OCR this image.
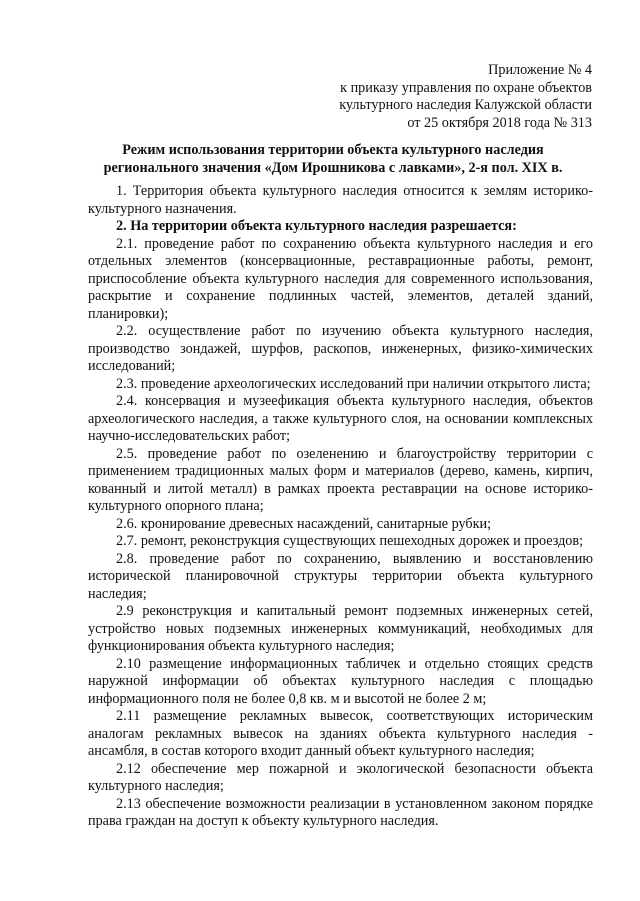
Приложение № 4
к приказу управления по охране объектов
культурного наследия Калужской области
от 25 октября 2018 года № 313
Режим использования территории объекта культурного наследия
регионального значения «Дом Ирошникова с лавками», 2-я пол. XIX в.

1. Территория объекта культурного наследия относится к землям историко-культурного назначения.

2. На территории объекта культурного наследия разрешается:

2.1. проведение работ по сохранению объекта культурного наследия и его отдельных элементов (консервационные, реставрационные работы, ремонт, приспособление объекта культурного наследия для современного использования, раскрытие и сохранение подлинных частей, элементов, деталей зданий, планировки);

2.2. осуществление работ по изучению объекта культурного наследия, производство зондажей, шурфов, раскопов, инженерных, физико-химических исследований;

2.3. проведение археологических исследований при наличии открытого листа;

2.4. консервация и музеефикация объекта культурного наследия, объектов археологического наследия, а также культурного слоя, на основании комплексных научно-исследовательских работ;

2.5. проведение работ по озеленению и благоустройству территории с применением традиционных малых форм и материалов (дерево, камень, кирпич, кованный и литой металл) в рамках проекта реставрации на основе историко-культурного опорного плана;

2.6. кронирование древесных насаждений, санитарные рубки;

2.7. ремонт, реконструкция существующих пешеходных дорожек и проездов;

2.8. проведение работ по сохранению, выявлению и восстановлению исторической планировочной структуры территории объекта культурного наследия;

2.9 реконструкция и капитальный ремонт подземных инженерных сетей, устройство новых подземных инженерных коммуникаций, необходимых для функционирования объекта культурного наследия;

2.10 размещение информационных табличек и отдельно стоящих средств наружной информации об объектах культурного наследия с площадью информационного поля не более 0,8 кв. м и высотой не более 2 м;

2.11 размещение рекламных вывесок, соответствующих историческим аналогам рекламных вывесок на зданиях объекта культурного наследия - ансамбля, в состав которого входит данный объект культурного наследия;

2.12 обеспечение мер пожарной и экологической безопасности объекта культурного наследия;

2.13 обеспечение возможности реализации в установленном законом порядке права граждан на доступ к объекту культурного наследия.
